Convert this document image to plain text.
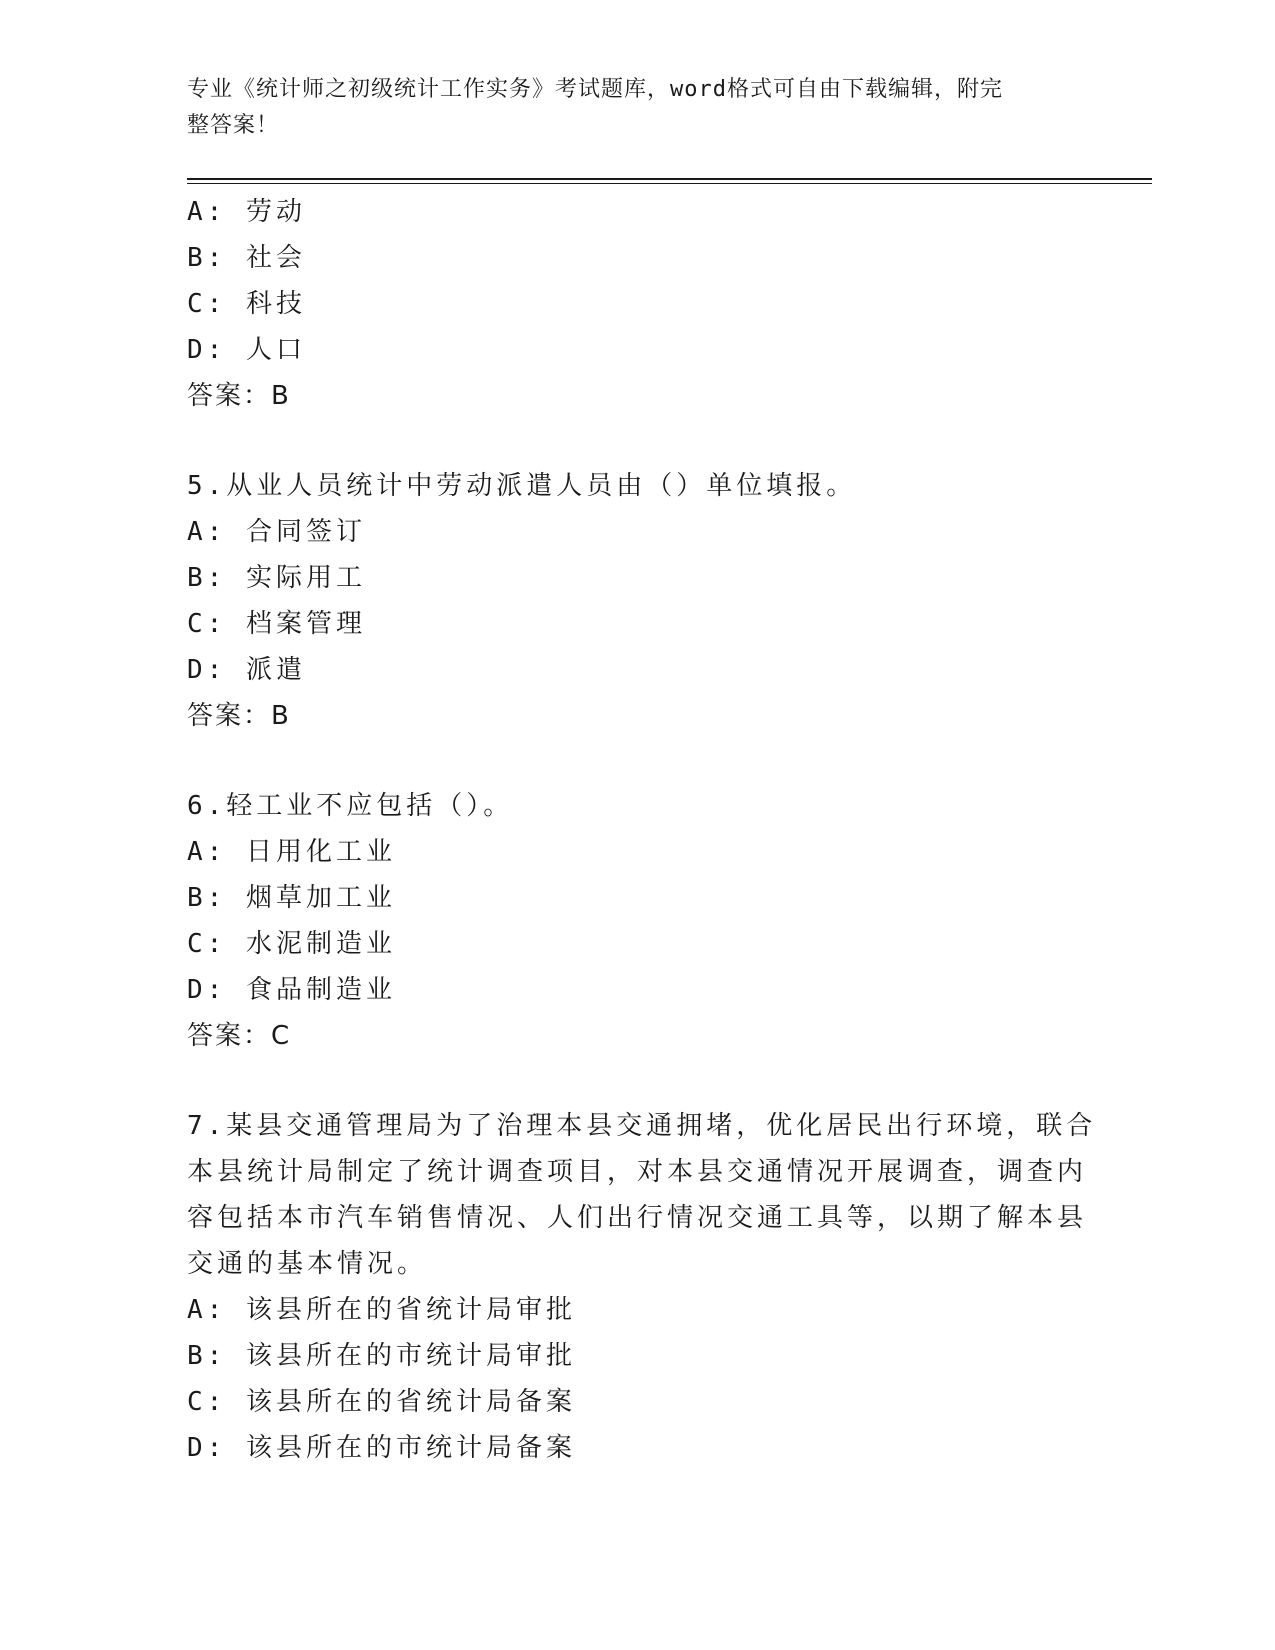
专业《统计师之初级统计工作实务》考试题库，word格式可自由下载编辑，附完
整答案！
A: 劳动
B: 社会
C: 科技
D: 人口
答案：B
5.从业人员统计中劳动派遣人员由（）单位填报。
A: 合同签订
B: 实际用工
C: 档案管理
D: 派遣
答案：B
6.轻工业不应包括（）。
A: 日用化工业
B: 烟草加工业
C: 水泥制造业
D: 食品制造业
答案：C
7.某县交通管理局为了治理本县交通拥堵，优化居民出行环境，联合
本县统计局制定了统计调查项目，对本县交通情况开展调查，调查内
容包括本市汽车销售情况、人们出行情况交通工具等，以期了解本县
交通的基本情况。
A: 该县所在的省统计局审批
B: 该县所在的市统计局审批
C: 该县所在的省统计局备案
D: 该县所在的市统计局备案
